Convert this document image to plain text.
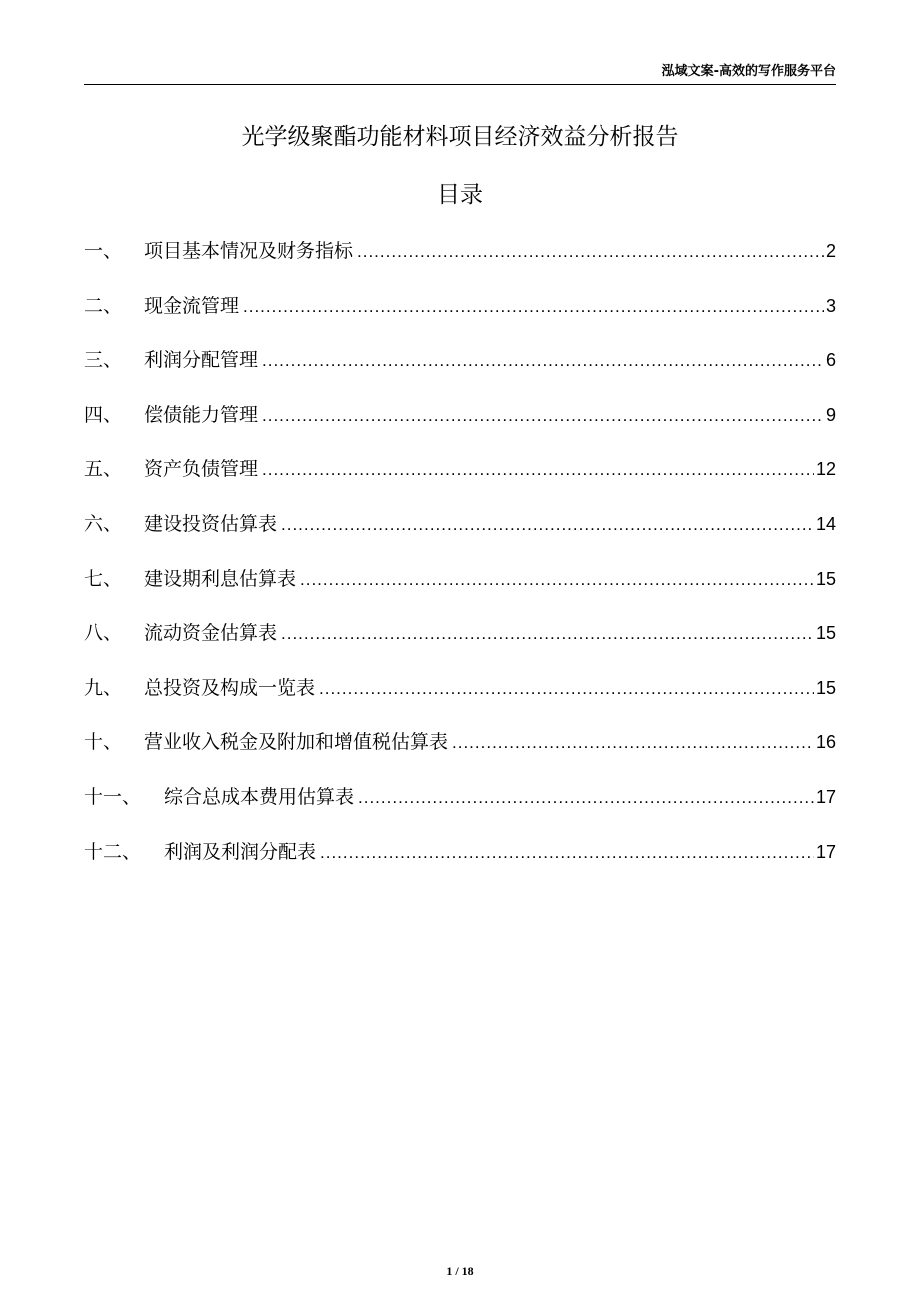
泓域文案-高效的写作服务平台
光学级聚酯功能材料项目经济效益分析报告
目录
一、	项目基本情况及财务指标 .....	2
二、	现金流管理 .....	3
三、	利润分配管理 .....	6
四、	偿债能力管理 .....	9
五、	资产负债管理 .....	12
六、	建设投资估算表 .....	14
七、	建设期利息估算表 .....	15
八、	流动资金估算表 .....	15
九、	总投资及构成一览表 .....	15
十、	营业收入税金及附加和增值税估算表 .....	16
十一、	综合总成本费用估算表 .....	17
十二、	利润及利润分配表 .....	17
1 / 18
